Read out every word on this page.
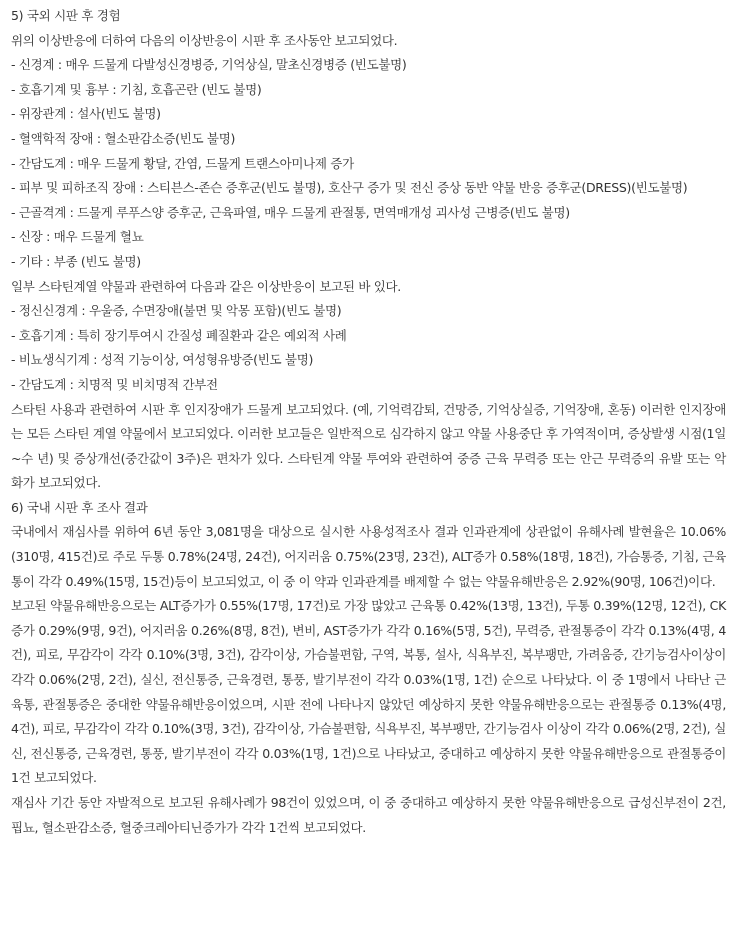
5) 국외 시판 후 경험

위의 이상반응에 더하여 다음의 이상반응이 시판 후 조사동안 보고되었다.

- 신경계 : 매우 드물게 다발성신경병증, 기억상실, 말초신경병증 (빈도불명)

- 호흡기계 및 흉부 : 기침, 호흡곤란 (빈도 불명)

- 위장관계 : 설사(빈도 불명)

- 혈액학적 장애 : 혈소판감소증(빈도 불명)

- 간담도계 : 매우 드물게 황달, 간염, 드물게 트랜스아미나제 증가

- 피부 및 피하조직 장애 : 스티븐스-존슨 증후군(빈도 불명), 호산구 증가 및 전신 증상 동반 약물 반응 증후군(DRESS)(빈도불명)

- 근골격계 : 드물게 루푸스양 증후군, 근육파열, 매우 드물게 관절통, 면역매개성 괴사성 근병증(빈도 불명)

- 신장 : 매우 드물게 혈뇨

- 기타 : 부종 (빈도 불명)

일부 스타틴계열 약물과 관련하여 다음과 같은 이상반응이 보고된 바 있다.

- 정신신경계 : 우울증, 수면장애(불면 및 악몽 포함)(빈도 불명)

- 호흡기계 : 특히 장기투여시 간질성 폐질환과 같은 예외적 사례

- 비뇨생식기계 : 성적 기능이상, 여성형유방증(빈도 불명)

- 간담도계 : 치명적 및 비치명적 간부전

스타틴 사용과 관련하여 시판 후 인지장애가 드물게 보고되었다. (예, 기억력감퇴, 건망증, 기억상실증, 기억장애, 혼동) 이러한 인지장애는 모든 스타틴 계열 약물에서 보고되었다. 이러한 보고들은 일반적으로 심각하지 않고 약물 사용중단 후 가역적이며, 증상발생 시점(1일~수 년) 및 증상개선(중간값이 3주)은 편차가 있다. 스타틴계 약물 투여와 관련하여 중증 근육 무력증 또는 안근 무력증의 유발 또는 악화가 보고되었다.

6) 국내 시판 후 조사 결과

국내에서 재심사를 위하여 6년 동안 3,081명을 대상으로 실시한 사용성적조사 결과 인과관계에 상관없이 유해사례 발현율은 10.06%(310명, 415건)로 주로 두통 0.78%(24명, 24건), 어지러움 0.75%(23명, 23건), ALT증가 0.58%(18명, 18건), 가슴통증, 기침, 근육통이 각각 0.49%(15명, 15건)등이 보고되었고, 이 중 이 약과 인과관계를 배제할 수 없는 약물유해반응은 2.92%(90명, 106건)이다.

보고된 약물유해반응으로는 ALT증가가 0.55%(17명, 17건)로 가장 많았고 근육통 0.42%(13명, 13건), 두통 0.39%(12명, 12건), CK증가 0.29%(9명, 9건), 어지러움 0.26%(8명, 8건), 변비, AST증가가 각각 0.16%(5명, 5건), 무력증, 관절통증이 각각 0.13%(4명, 4건), 피로, 무감각이 각각 0.10%(3명, 3건), 감각이상, 가슴불편함, 구역, 복통, 설사, 식욕부진, 복부팽만, 가려움증, 간기능검사이상이 각각 0.06%(2명, 2건), 실신, 전신통증, 근육경련, 통풍, 발기부전이 각각 0.03%(1명, 1건) 순으로 나타났다. 이 중 1명에서 나타난 근육통, 관절통증은 중대한 약물유해반응이었으며, 시판 전에 나타나지 않았던 예상하지 못한 약물유해반응으로는 관절통증 0.13%(4명, 4건), 피로, 무감각이 각각 0.10%(3명, 3건), 감각이상, 가슴불편함, 식욕부진, 복부팽만, 간기능검사 이상이 각각 0.06%(2명, 2건), 실신, 전신통증, 근육경련, 통풍, 발기부전이 각각 0.03%(1명, 1건)으로 나타났고, 중대하고 예상하지 못한 약물유해반응으로 관절통증이 1건 보고되었다.

재심사 기간 동안 자발적으로 보고된 유해사례가 98건이 있었으며, 이 중 중대하고 예상하지 못한 약물유해반응으로 급성신부전이 2건, 핍뇨, 혈소판감소증, 혈중크레아티닌증가가 각각 1건씩 보고되었다.
